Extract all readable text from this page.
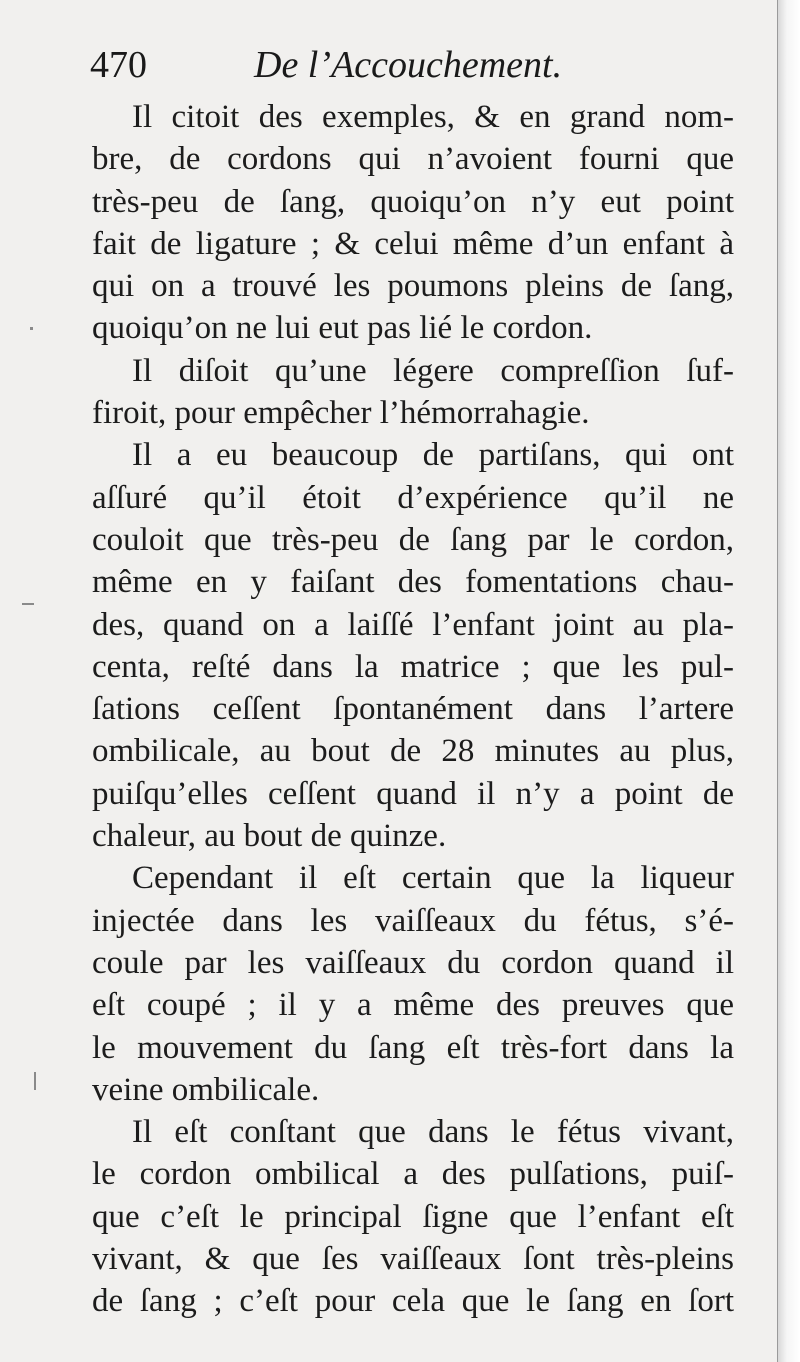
470	De l’Accouchement.
Il citoit des exemples, & en grand nom-
bre, de cordons qui n’avoient fourni que
très-peu de ſang, quoiqu’on n’y eut point
fait de ligature ; & celui même d’un enfant à
qui on a trouvé les poumons pleins de ſang,
quoiqu’on ne lui eut pas lié le cordon.
Il diſoit qu’une légere compreſſion ſuf-
firoit, pour empêcher l’hémorrahagie.
Il a eu beaucoup de partiſans, qui ont
aſſuré qu’il étoit d’expérience qu’il ne
couloit que très-peu de ſang par le cordon,
même en y faiſant des fomentations chau-
des, quand on a laiſſé l’enfant joint au pla-
centa, reſté dans la matrice ; que les pul-
ſations ceſſent ſpontanément dans l’artere
ombilicale, au bout de 28 minutes au plus,
puiſqu’elles ceſſent quand il n’y a point de
chaleur, au bout de quinze.
Cependant il eſt certain que la liqueur
injectée dans les vaiſſeaux du fétus, s’é-
coule par les vaiſſeaux du cordon quand il
eſt coupé ; il y a même des preuves que
le mouvement du ſang eſt très-fort dans la
veine ombilicale.
Il eſt conſtant que dans le fétus vivant,
le cordon ombilical a des pulſations, puiſ-
que c’eſt le principal ſigne que l’enfant eſt
vivant, & que ſes vaiſſeaux ſont très-pleins
de ſang ; c’eſt pour cela que le ſang en ſort
